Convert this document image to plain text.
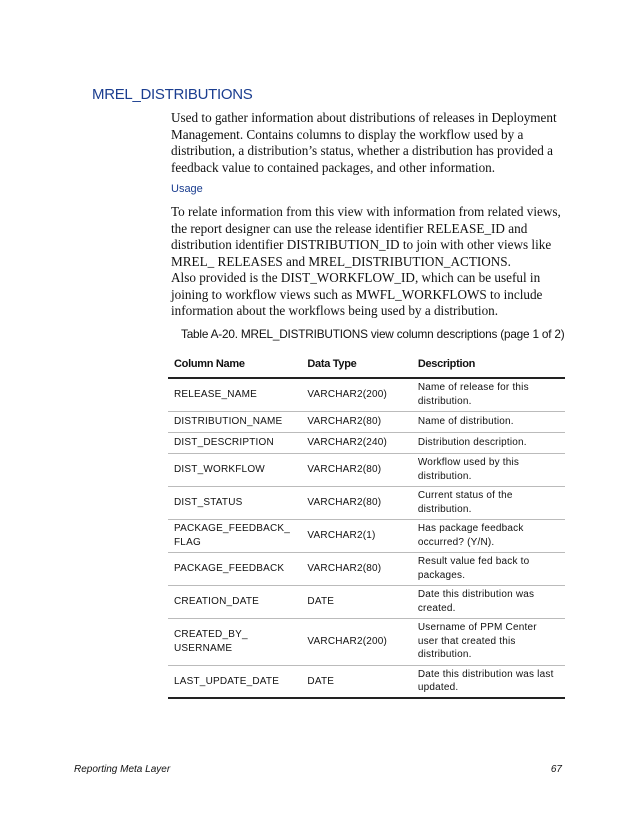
MREL_DISTRIBUTIONS

Used to gather information about distributions of releases in Deployment Management. Contains columns to display the workflow used by a distribution, a distribution’s status, whether a distribution has provided a feedback value to contained packages, and other information.

Usage

To relate information from this view with information from related views, the report designer can use the release identifier RELEASE_ID and distribution identifier DISTRIBUTION_ID to join with other views like MREL_ RELEASES and MREL_DISTRIBUTION_ACTIONS.

Also provided is the DIST_WORKFLOW_ID, which can be useful in joining to workflow views such as MWFL_WORKFLOWS to include information about the workflows being used by a distribution.

Table A-20. MREL_DISTRIBUTIONS view column descriptions (page 1 of 2)
Column Name	Data Type	Description
RELEASE_NAME	VARCHAR2(200)	Name of release for this distribution.
DISTRIBUTION_NAME	VARCHAR2(80)	Name of distribution.
DIST_DESCRIPTION	VARCHAR2(240)	Distribution description.
DIST_WORKFLOW	VARCHAR2(80)	Workflow used by this distribution.
DIST_STATUS	VARCHAR2(80)	Current status of the distribution.
PACKAGE_FEEDBACK_ FLAG	VARCHAR2(1)	Has package feedback occurred? (Y/N).
PACKAGE_FEEDBACK	VARCHAR2(80)	Result value fed back to packages.
CREATION_DATE	DATE	Date this distribution was created.
CREATED_BY_ USERNAME	VARCHAR2(200)	Username of PPM Center user that created this distribution.
LAST_UPDATE_DATE	DATE	Date this distribution was last updated.
Reporting Meta Layer	67
